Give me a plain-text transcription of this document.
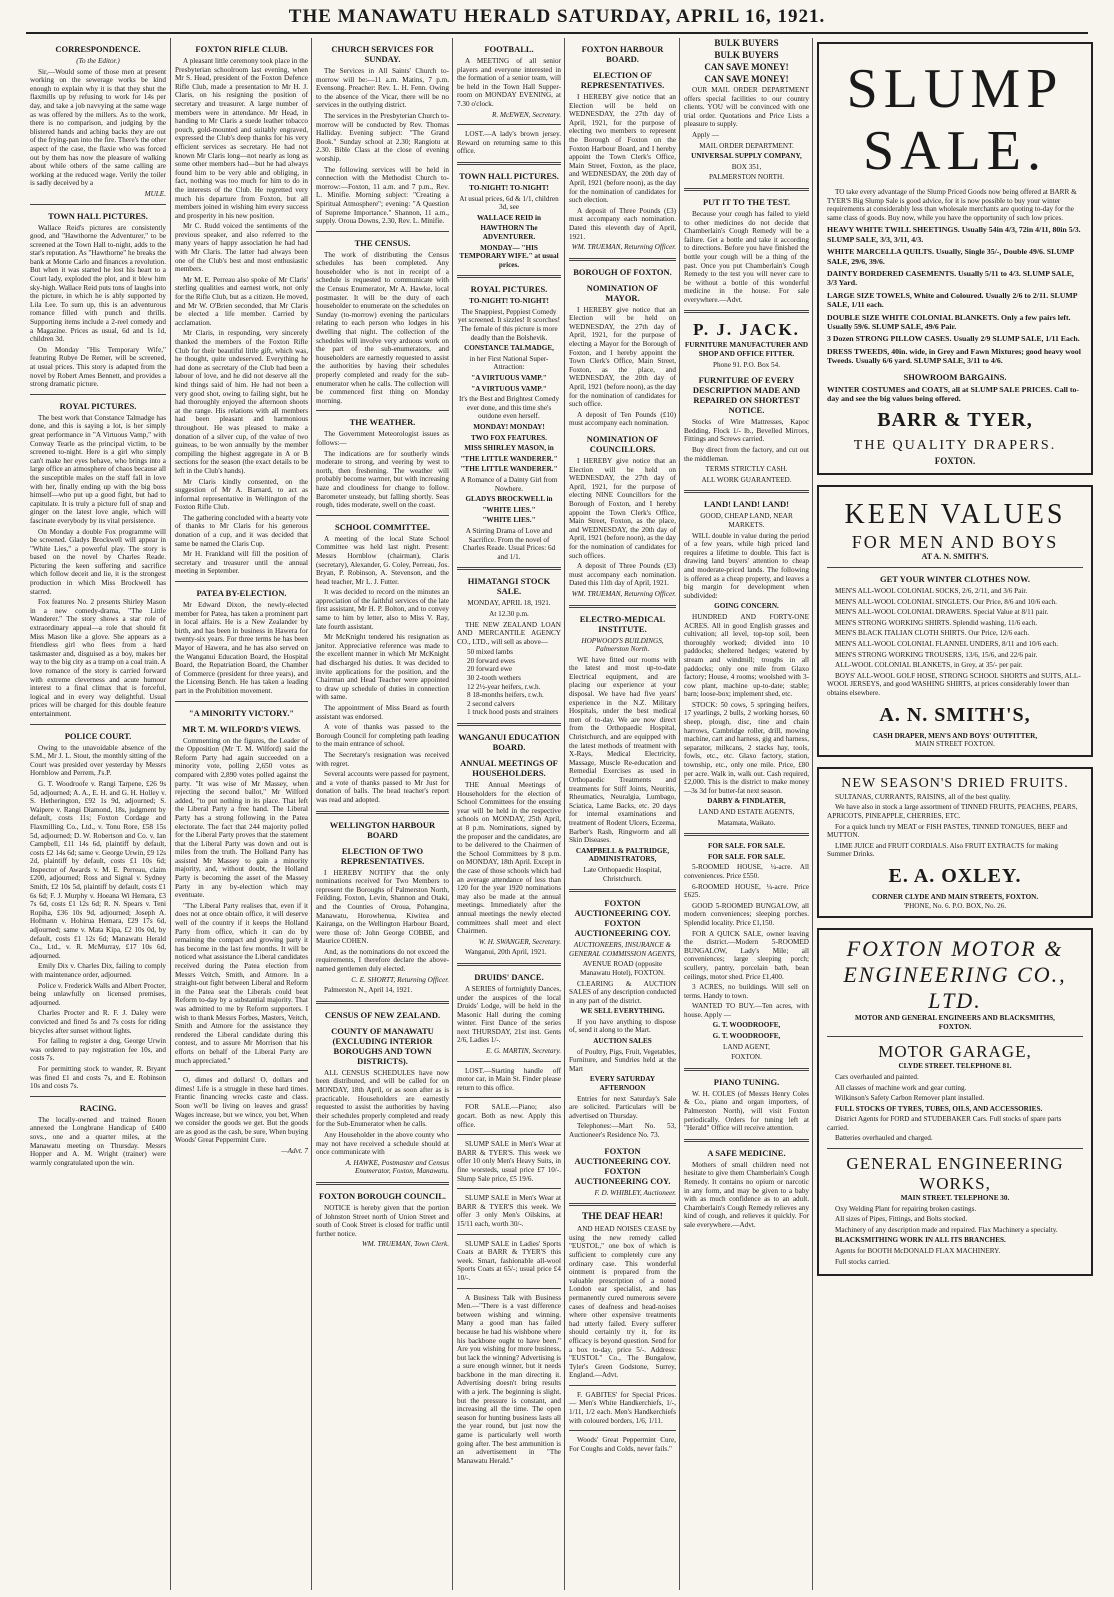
THE MANAWATU HERALD SATURDAY, APRIL 16, 1921.
CORRESPONDENCE.
(To the Editor.)

Sir,—Would some of those men at present working on the sewerage works be kind enough to explain why it is that they shut the flaxmills up by refusing to work for 14s per day, and take a job navvying at the same wage as was offered by the millers. As to the work, there is no comparison, and judging by the blistered hands and aching backs they are out of the frying-pan into the fire. There's the other aspect of the case, the flaxie who was forced out by them has now the pleasure of walking about while others of the same calling are working at the reduced wage. Verily the toiler is sadly deceived by a

MULE.

TOWN HALL PICTURES.

Wallace Reid's pictures are consistently good, and "Hawthorne the Adventurer," to be screened at the Town Hall to-night, adds to the star's reputation. As "Hawthorne" he breaks the bank at Monte Carlo and finances a revolution. But when it was started he lost his heart to a Court lady, exploded the plot, and it blew him sky-high. Wallace Reid puts tons of laughs into the picture, in which he is ably supported by Lila Lee. To sum up, this is an adventurous romance filled with punch and thrills. Supporting items include a 2-reel comedy and a Magazine. Prices as usual, 6d and 1s 1d, children 3d.

On Monday "His Temporary Wife," featuring Rubye De Remer, will be screened, at usual prices. This story is adapted from the novel by Robert Ames Bennett, and provides a strong dramatic picture.

ROYAL PICTURES.

The best work that Constance Talmadge has done, and this is saying a lot, is her simply great performance in "A Virtuous Vamp," with Conway Tearle as the principal victim, to be screened to-night. Here is a girl who simply can't make her eyes behave, who brings into a large office an atmosphere of chaos because all the susceptible males on the staff fall in love with her, finally ending up with the big boss himself—who put up a good fight, but had to capitulate. It is truly a picture full of snap and ginger on the latest love angle, which will fascinate everybody by its vital persistence.

On Monday a double Fox programme will be screened. Gladys Brockwell will appear in "White Lies," a powerful play. The story is based on the novel by Charles Reade. Picturing the keen suffering and sacrifice which follow deceit and lie, it is the strongest production in which Miss Brockwell has starred.

Fox features No. 2 presents Shirley Mason in a new comedy-drama, "The Little Wanderer." The story shows a star role of extraordinary appeal—a role that should fit Miss Mason like a glove. She appears as a friendless girl who flees from a hard taskmaster and, disguised as a boy, makes her way to the big city as a tramp on a coal train. A love romance of the story is carried forward with extreme cleverness and acute humour interest to a final climax that is forceful, logical and in every way delightful. Usual prices will be charged for this double feature entertainment.

POLICE COURT.

Owing to the unavoidable absence of the S.M., Mr J. L. Stout, the monthly sitting of the Court was presided over yesterday by Messrs Hornblow and Perrem, J's.P.

G. T. Woodroofe v. Rangi Tarpene, £26 9s 5d, adjourned; A. A., E. H. and G. H. Holley v. S. Hetherington, £92 1s 9d, adjourned; S. Waipere v. Rangi Diamond, 18s, judgment by default, costs 11s; Foxton Cordage and Flaxmilling Co., Ltd., v. Tonu Rore, £58 15s 5d, adjourned; D. W. Robertson and Co. v. Ian Campbell, £11 14s 6d, plaintiff by default, costs £2 14s 6d; same v. George Urwin, £9 12s 2d, plaintiff by default, costs £1 10s 6d; Inspector of Awards v. M. E. Perreau, claim £200, adjourned; Ross and Signal v. Sydney Smith, £2 10s 5d, plaintiff by default, costs £1 6s 6d; F. J. Murphy v. Hoeana Wi Hemara, £3 7s 6d, costs £1 12s 6d; R. N. Spears v. Teni Ropiha, £36 10s 9d, adjourned; Joseph A. Hofmann v. Hohirua Hemara, £29 17s 6d, adjourned; same v. Mata Kipa, £2 10s 0d, by default, costs £1 12s 6d; Manawatu Herald Co., Ltd., v. R. McMurray, £17 10s 6d, adjourned.

Emily Dix v. Charles Dix, failing to comply with maintenance order, adjourned.

Police v. Frederick Walls and Albert Procter, being unlawfully on licensed premises, adjourned.

Charles Procter and R. F. J. Daley were convicted and fined 5s and 7s costs for riding bicycles after sunset without lights.

For failing to register a dog, George Urwin was ordered to pay registration fee 10s, and costs 7s.

For permitting stock to wander, R. Bryant was fined £1 and costs 7s, and E. Robinson 10s and costs 7s.

RACING.

The locally-owned and trained Rouen annexed the Longbrane Handicap of £400 sovs., one and a quarter miles, at the Manawatu meeting on Thursday. Messrs Hopper and A. M. Wright (trainer) were warmly congratulated upon the win.

FOXTON RIFLE CLUB.

A pleasant little ceremony took place in the Presbyterian schoolroom last evening, when Mr S. Head, president of the Foxton Defence Rifle Club, made a presentation to Mr H. J. Claris, on his resigning the position of secretary and treasurer. A large number of members were in attendance. Mr Head, in handing to Mr Claris a suede leather tobacco pouch, gold-mounted and suitably engraved, expressed the Club's deep thanks for his very efficient services as secretary. He had not known Mr Claris long—not nearly as long as some other members had—but he had always found him to be very able and obliging, in fact, nothing was too much for him to do in the interests of the Club. He regretted very much his departure from Foxton, but all members joined in wishing him every success and prosperity in his new position.

Mr C. Rudd voiced the sentiments of the previous speaker, and also referred to the many years of happy association he had had with Mr Claris. The latter had always been one of the Club's best and most enthusiastic members.

Mr M. E. Perreau also spoke of Mr Claris' sterling qualities and earnest work, not only for the Rifle Club, but as a citizen. He moved, and Mr W. O'Brien seconded, that Mr Claris be elected a life member. Carried by acclamation.

Mr Claris, in responding, very sincerely thanked the members of the Foxton Rifle Club for their beautiful little gift, which was, he thought, quite undeserved. Everything he had done as secretary of the Club had been a labour of love, and he did not deserve all the kind things said of him. He had not been a very good shot, owing to failing sight, but he had thoroughly enjoyed the afternoon shoots at the range. His relations with all members had been pleasant and harmonious throughout. He was pleased to make a donation of a silver cup, of the value of two guineas, to be won annually by the member compiling the highest aggregate in A or B sections for the season (the exact details to be left in the Club's hands).

Mr Claris kindly consented, on the suggestion of Mr A. Barnard, to act as informal representative in Wellington of the Foxton Rifle Club.

The gathering concluded with a hearty vote of thanks to Mr Claris for his generous donation of a cup, and it was decided that same be named the Claris Cup.

Mr H. Frankland will fill the position of secretary and treasurer until the annual meeting in September.

PATEA BY-ELECTION.

Mr Edward Dixon, the newly-elected member for Patea, has taken a prominent part in local affairs. He is a New Zealander by birth, and has been in business in Hawera for twenty-six years. For three terms he has been Mayor of Hawera, and he has also served on the Wanganui Education Board, the Hospital Board, the Repatriation Board, the Chamber of Commerce (president for three years), and the Licensing Bench. He has taken a leading part in the Prohibition movement.

"A MINORITY VICTORY."
MR T. M. WILFORD'S VIEWS.

Commenting on the figures, the Leader of the Opposition (Mr T. M. Wilford) said the Reform Party had again succeeded on a minority vote, polling 2,650 votes as compared with 2,890 votes polled against the party. "It was wise of Mr Massey, when rejecting the second ballot," Mr Wilford added, "to put nothing in its place. That left the Liberal Party a free hand. The Liberal Party has a strong following in the Patea electorate. The fact that 244 majority polled for the Liberal Party proves that the statement that the Liberal Party was down and out is miles from the truth. The Holland Party has assisted Mr Massey to gain a minority majority, and, without doubt, the Holland Party is becoming the asset of the Massey Party in any by-election which may eventuate.

"The Liberal Party realises that, even if it does not at once obtain office, it will deserve well of the country if it keeps the Holland Party from office, which it can do by remaining the compact and growing party it has become in the last few months. It will be noticed what assistance the Liberal candidates received during the Patea election from Messrs Veitch, Smith, and Atmore. In a straight-out fight between Liberal and Reform in the Patea seat the Liberals could beat Reform to-day by a substantial majority. That was admitted to me by Reform supporters. I wish to thank Messrs Forbes, Masters, Veitch, Smith and Atmore for the assistance they rendered the Liberal candidate during this contest, and to assure Mr Morrison that his efforts on behalf of the Liberal Party are much appreciated."

O, dimes and dollars! O, dollars and dimes! Life is a struggle in these hard times. Frantic financing wrecks caste and class. Soon we'll be living on leaves and grass! Wages increase, but we wince, you bet, When we consider the goods we get. But the goods are as good as the cash, be sure, When buying Woods' Great Peppermint Cure.

—Advt. 7

CHURCH SERVICES FOR SUNDAY.

The Services in All Saints' Church to-morrow will be:—11 a.m. Matins, 7 p.m. Evensong. Preacher: Rev. L. H. Fenn. Owing to the absence of the Vicar, there will be no services in the outlying district.

The services in the Presbyterian Church to-morrow will be conducted by Rev. Thomas Halliday. Evening subject: "The Grand Book." Sunday school at 2.30; Rangiotu at 2.30. Bible Class at the close of evening worship.

The following services will be held in connection with the Methodist Church to-morrow:—Foxton, 11 a.m. and 7 p.m., Rev. L. Minifie. Morning subject: "Creating a Spiritual Atmosphere"; evening: "A Question of Supreme Importance." Shannon, 11 a.m., supply. Oroua Downs, 2.30, Rev. L. Minifie.

THE CENSUS.

The work of distributing the Census schedules has been completed. Any householder who is not in receipt of a schedule is requested to communicate with the Census Enumerator, Mr A. Hawke, local postmaster. It will be the duty of each householder to enumerate on the schedules on Sunday (to-morrow) evening the particulars relating to each person who lodges in his dwelling that night. The collection of the schedules will involve very arduous work on the part of the sub-enumerators, and householders are earnestly requested to assist the authorities by having their schedules properly completed and ready for the sub-enumerator when he calls. The collection will be commenced first thing on Monday morning.

THE WEATHER.

The Government Meteorologist issues as follows:—

The indications are for southerly winds moderate to strong, and veering by west to north, then freshening. The weather will probably become warmer, but with increasing haze and cloudiness for change to follow. Barometer unsteady, but falling shortly. Seas rough, tides moderate, swell on the coast.

SCHOOL COMMITTEE.

A meeting of the local State School Committee was held last night. Present: Messrs Hornblow (chairman), Claris (secretary), Alexander, G. Coley, Perreau, Jos. Bryan, P. Robinson, A. Stevenson, and the head teacher, Mr L. J. Futter.

It was decided to record on the minutes an appreciation of the faithful services of the late first assistant, Mr H. P. Bolton, and to convey same to him by letter, also to Miss V. Ray, late fourth assistant.

Mr McKnight tendered his resignation as janitor. Appreciative reference was made to the excellent manner in which Mr McKnight had discharged his duties. It was decided to invite applications for the position, and the Chairman and Head Teacher were appointed to draw up schedule of duties in connection with same.

The appointment of Miss Beard as fourth assistant was endorsed.

A vote of thanks was passed to the Borough Council for completing path leading to the main entrance of school.

The Secretary's resignation was received with regret.

Several accounts were passed for payment, and a vote of thanks passed to Mr Just for donation of balls. The head teacher's report was read and adopted.

WELLINGTON HARBOUR BOARD
ELECTION OF TWO REPRESENTATIVES.

I HEREBY NOTIFY that the only nominations received for Two Members to represent the Boroughs of Palmerston North, Feilding, Foxton, Levin, Shannon and Otaki, and the Counties of Oroua, Pohangina, Manawatu, Horowhenua, Kiwitea and Kairanga, on the Wellington Harbour Board, were those of: John George COBBE, and Maurice COHEN.

And, as the nominations do not exceed the requirements, I therefore declare the above-named gentlemen duly elected.

C. E. SHORTT, Returning Officer.

Palmerston N., April 14, 1921.

CENSUS OF NEW ZEALAND.
COUNTY OF MANAWATU (EXCLUDING INTERIOR BOROUGHS AND TOWN DISTRICTS).

ALL CENSUS SCHEDULES have now been distributed, and will be called for on MONDAY, 18th April, or as soon after as is practicable. Householders are earnestly requested to assist the authorities by having their schedules properly completed and ready for the Sub-Enumerator when he calls.

Any Householder in the above county who may not have received a schedule should at once communicate with

A. HAWKE, Postmaster and Census Enumerator, Foxton, Manawatu.

FOXTON BOROUGH COUNCIL.

NOTICE is hereby given that the portion of Johnston Street north of Union Street and south of Cook Street is closed for traffic until further notice.

WM. TRUEMAN, Town Clerk.

FOOTBALL.

A MEETING of all senior players and everyone interested in the formation of a senior team, will be held in the Town Hall Supper-room on MONDAY EVENING, at 7.30 o'clock.

R. McEWEN, Secretary.

LOST.—A lady's brown jersey. Reward on returning same to this office.

TOWN HALL PICTURES.

TO-NIGHT! TO-NIGHT!

At usual prices, 6d & 1/1, children 3d, see

WALLACE REID in

HAWTHORN The ADVENTURER.

MONDAY— "HIS TEMPORARY WIFE." at usual prices.

ROYAL PICTURES.

TO-NIGHT! TO-NIGHT!

The Snappiest, Peppiest Comedy yet screened. It sizzles! It scorches! The female of this picture is more deadly than the Bolshevik.

CONSTANCE TALMADGE,

in her First National Super-Attraction:

"A VIRTUOUS VAMP."

"A VIRTUOUS VAMP."

It's the Best and Brightest Comedy ever done, and this time she's outdone even herself.

MONDAY! MONDAY!

TWO FOX FEATURES.

MISS SHIRLEY MASON, in

"THE LITTLE WANDERER."

"THE LITTLE WANDERER."

A Romance of a Dainty Girl from Nowhere.

GLADYS BROCKWELL in

"WHITE LIES."

"WHITE LIES."

A Stirring Drama of Love and Sacrifice. From the novel of Charles Reade. Usual Prices: 6d and 1/1.

HIMATANGI STOCK SALE.

MONDAY, APRIL 18, 1921.

At 12.30 p.m.

THE NEW ZEALAND LOAN AND MERCANTILE AGENCY CO., LTD., will sell as above—

50 mixed lambs
20 forward ewes
20 forward ewe
30 2-tooth wethers
12 2½-year heifers, r.w.h.
8 18-months heifers, r.w.h.
2 second calvers
1 truck hood posts and strainers

WANGANUI EDUCATION BOARD.
ANNUAL MEETINGS OF HOUSEHOLDERS.

THE Annual Meetings of Householders for the election of School Committees for the ensuing year will be held in the respective schools on MONDAY, 25th April, at 8 p.m. Nominations, signed by the proposer and the candidates, are to be delivered to the Chairmen of the School Committees by 8 p.m. on MONDAY, 18th April. Except in the case of those schools which had an average attendance of less than 120 for the year 1920 nominations may also be made at the annual meetings. Immediately after the annual meetings the newly elected committees shall meet and elect Chairmen.

W. H. SWANGER, Secretary.

Wanganui, 20th April, 1921.

DRUIDS' DANCE.

A SERIES of fortnightly Dances, under the auspices of the local Druids' Lodge, will be held in the Masonic Hall during the coming winter. First Dance of the series next THURSDAY, 21st inst. Gents 2/6, Ladies 1/-.

E. G. MARTIN, Secretary.

LOST.—Starting handle off motor car, in Main St. Finder please return to this office.

FOR SALE.—Piano; also gocart. Both as new. Apply this office.

SLUMP SALE in Men's Wear at BARR & TYER'S. This week we offer 10 only Men's Heavy Suits, in fine worsteds, usual price £7 10/-. Slump Sale price, £5 19/6.

SLUMP SALE in Men's Wear at BARR & TYER'S this week. We offer 3 only Men's Oilskins, at 15/11 each, worth 30/-.

SLUMP SALE in Ladies' Sports Coats at BARR & TYER'S this week. Smart, fashionable all-wool Sports Coats at 65/-; usual price £4 10/-.

A Business Talk with Business Men.—"There is a vast difference between wishing and winning. Many a good man has failed because he had his wishbone where his backbone ought to have been." Are you wishing for more business, but lack the winning? Advertising is a sure enough winner, but it needs backbone in the man directing it. Advertising doesn't bring results with a jerk. The beginning is slight, but the pressure is constant, and increasing all the time. The open season for hunting business lasts all the year round, but just now the game is particularly well worth going after. The best ammunition is an advertisement in "The Manawatu Herald."

FOXTON HARBOUR BOARD.
ELECTION OF REPRESENTATIVES.

I HEREBY give notice that an Election will be held on WEDNESDAY, the 27th day of April, 1921, for the purpose of electing two members to represent the Borough of Foxton on the Foxton Harbour Board, and I hereby appoint the Town Clerk's Office, Main Street, Foxton, as the place, and WEDNESDAY, the 20th day of April, 1921 (before noon), as the day for the nomination of candidates for such election.

A deposit of Three Pounds (£3) must accompany each nomination. Dated this eleventh day of April, 1921.

WM. TRUEMAN, Returning Officer.

BOROUGH OF FOXTON.
NOMINATION OF MAYOR.

I HEREBY give notice that an Election will be held on WEDNESDAY, the 27th day of April, 1921, for the purpose of electing a Mayor for the Borough of Foxton, and I hereby appoint the Town Clerk's Office, Main Street, Foxton, as the place, and WEDNESDAY, the 20th day of April, 1921 (before noon), as the day for the nomination of candidates for such office.

A deposit of Ten Pounds (£10) must accompany each nomination.

NOMINATION OF COUNCILLORS.

I HEREBY give notice that an Election will be held on WEDNESDAY, the 27th day of April, 1921, for the purpose of electing NINE Councillors for the Borough of Foxton, and I hereby appoint the Town Clerk's Office, Main Street, Foxton, as the place, and WEDNESDAY, the 20th day of April, 1921 (before noon), as the day for the nomination of candidates for such offices.

A deposit of Three Pounds (£3) must accompany each nomination. Dated this 11th day of April, 1921.

WM. TRUEMAN, Returning Officer.

ELECTRO-MEDICAL INSTITUTE.
HOPWOOD'S BUILDINGS, Palmerston North.

WE have fitted our rooms with the latest and most up-to-date Electrical equipment, and are placing our experience at your disposal. We have had five years' experience in the N.Z. Military Hospitals, under the best medical men of to-day. We are now direct from the Orthopaedic Hospital, Christchurch, and are equipped with the latest methods of treatment with X-Rays, Medical Electricity, Massage, Muscle Re-education and Remedial Exercises as used in Orthopaedic Treatments and treatments for Stiff Joints, Neuritis, Rheumatics, Neuralgia, Lumbago, Sciatica, Lame Backs, etc. 20 days for internal examinations and treatment of Rodent Ulcers, Eczema, Barber's Rash, Ringworm and all Skin Diseases.

CAMPBELL & PALTRIDGE, ADMINISTRATORS,

Late Orthopaedic Hospital, Christchurch.

FOXTON AUCTIONEERING COY. FOXTON AUCTIONEERING COY.
AUCTIONEERS, INSURANCE & GENERAL COMMISSION AGENTS,

AVENUE ROAD (opposite Manawatu Hotel), FOXTON.

CLEARING & AUCTION SALES of any description conducted in any part of the district.

WE SELL EVERYTHING.

If you have anything to dispose of, send it along to the Mart.

AUCTION SALES

of Poultry, Pigs, Fruit, Vegetables, Furniture, and Sundries held at the Mart

EVERY SATURDAY AFTERNOON

Entries for next Saturday's Sale are solicited. Particulars will be advertised on Thursday.

Telephones:—Mart No. 53, Auctioneer's Residence No. 73.

FOXTON AUCTIONEERING COY. FOXTON AUCTIONEERING COY.

F. D. WHIBLEY, Auctioneer.

THE DEAF HEAR!

AND HEAD NOISES CEASE by using the new remedy called "EUSTOL," one box of which is sufficient to completely cure any ordinary case. This wonderful ointment is prepared from the valuable prescription of a noted London ear specialist, and has permanently cured numerous severe cases of deafness and head-noises where other expensive treatments had utterly failed. Every sufferer should certainly try it, for its efficacy is beyond question. Send for a box to-day, price 5/-. Address: "EUSTOL" Co., The Bungalow, Tyler's Green Godstone, Surrey, England.—Advt.

F. GABITES' for Special Prices.— Men's White Handkerchiefs, 1/-, 1/11, 1/2 each. Men's Handkerchiefs with coloured borders, 1/6, 1/11.

Woods' Great Peppermint Cure, For Coughs and Colds, never fails."

BULK BUYERS

BULK BUYERS

CAN SAVE MONEY!

CAN SAVE MONEY!

OUR MAIL ORDER DEPARTMENT offers special facilities to our country clients. YOU will be convinced with one trial order. Quotations and Price Lists a pleasure to supply.

Apply —

MAIL ORDER DEPARTMENT.

UNIVERSAL SUPPLY COMPANY,

BOX 351,

PALMERSTON NORTH.

PUT IT TO THE TEST.

Because your cough has failed to yield to other medicines do not decide that Chamberlain's Cough Remedy will be a failure. Get a bottle and take it according to directions. Before you have finished the bottle your cough will be a thing of the past. Once you put Chamberlain's Cough Remedy to the test you will never care to be without a bottle of this wonderful medicine in the house. For sale everywhere.—Advt.

P. J. JACK.

FURNITURE MANUFACTURER AND SHOP AND OFFICE FITTER.

Phone 91. P.O. Box 54.

FURNITURE OF EVERY DESCRIPTION MADE AND REPAIRED ON SHORTEST NOTICE.

Stocks of Wire Mattresses, Kapoc Bedding, Flock 1/- lb., Bevelled Mirrors, Fittings and Screws carried.

Buy direct from the factory, and cut out the middleman.

TERMS STRICTLY CASH.

ALL WORK GUARANTEED.

LAND! LAND! LAND!

GOOD, CHEAP LAND, NEAR MARKETS.

WILL double in value during the period of a few years, while high priced land requires a lifetime to double. This fact is drawing land buyers' attention to cheap and moderate-priced lands. The following is offered as a cheap property, and leaves a big margin for development when subdivided:

GOING CONCERN.

HUNDRED AND FORTY-ONE ACRES. All in good English grasses and cultivation; all level, top-top soil, been thoroughly worked; divided into 10 paddocks; sheltered hedges; watered by stream and windmill; troughs in all paddocks; only one mile from Glaxo factory; House, 4 rooms; woolshed with 3-cow plant, machine up-to-date; stable; barn; loose-box; implement shed, etc.

STOCK: 50 cows, 5 springing heifers, 17 yearlings, 2 bulls, 2 working horses, 60 sheep, plough, disc, tine and chain harrows, Cambridge roller, drill, mowing machine, cart and harness, gig and harness, separator, milkcans, 2 stacks hay, tools, fowls, etc., etc. Glaxo factory, station, township, etc., only one mile. Price, £80 per acre. Walk in, walk out. Cash required, £2,000. This is the district to make money —3s 3d for butter-fat next season.

DARBY & FINDLATER,

LAND AND ESTATE AGENTS,

Matamata, Waikato.

FOR SALE. FOR SALE.

FOR SALE. FOR SALE.

5-ROOMED HOUSE, ¼-acre. All conveniences. Price £550.

6-ROOMED HOUSE, ¼-acre. Price £625.

GOOD 5-ROOMED BUNGALOW, all modern conveniences; sleeping porches. Splendid locality. Price £1,150.

FOR A QUICK SALE, owner leaving the district.—Modern 5-ROOMED BUNGALOW, Lady's Mile; all conveniences; large sleeping porch; scullery, pantry, porcelain bath, bean ceilings, motor shed. Price £1,400.

3 ACRES, no buildings. Will sell on terms. Handy to town.

WANTED TO BUY.—Ten acres, with house. Apply —

G. T. WOODROOFE,

G. T. WOODROOFE,

LAND AGENT,

FOXTON.

PIANO TUNING.

W. H. COLES (of Messrs Henry Coles & Co., piano and organ importers, of Palmerston North), will visit Foxton periodically. Orders for tuning left at "Herald" Office will receive attention.

A SAFE MEDICINE.

Mothers of small children need not hesitate to give them Chamberlain's Cough Remedy. It contains no opium or narcotic in any form, and may be given to a baby with as much confidence as to an adult. Chamberlain's Cough Remedy relieves any kind of cough, and relieves it quickly. For sale everywhere.—Advt.

SLUMP SALE.

TO take every advantage of the Slump Priced Goods now being offered at BARR & TYER'S Big Slump Sale is good advice, for it is now possible to buy your winter requirements at considerably less than wholesale merchants are quoting to-day for the same class of goods. Buy now, while you have the opportunity of such low prices.

HEAVY WHITE TWILL SHEETINGS. Usually 54in 4/3, 72in 4/11, 80in 5/3. SLUMP SALE, 3/3, 3/11, 4/3.
WHITE MARCELLA QUILTS. Usually, Single 35/-, Double 49/6. SLUMP SALE, 29/6, 39/6.
DAINTY BORDERED CASEMENTS. Usually 5/11 to 4/3. SLUMP SALE, 3/3 Yard.
LARGE SIZE TOWELS, White and Coloured. Usually 2/6 to 2/11. SLUMP SALE, 1/11 each.
DOUBLE SIZE WHITE COLONIAL BLANKETS. Only a few pairs left. Usually 59/6. SLUMP SALE, 49/6 Pair.
3 Dozen STRONG PILLOW CASES. Usually 2/9 SLUMP SALE, 1/11 Each.
DRESS TWEEDS, 40in. wide, in Grey and Fawn Mixtures; good heavy wool Tweeds. Usually 6/6 yard. SLUMP SALE, 3/11 to 4/6.
SHOWROOM BARGAINS.
WINTER COSTUMES and COATS, all at SLUMP SALE PRICES. Call to-day and see the big values being offered.
BARR & TYER,
THE QUALITY DRAPERS.
FOXTON.
KEEN VALUES
FOR MEN AND BOYS
AT A. N. SMITH'S.
GET YOUR WINTER CLOTHES NOW.

MEN'S ALL-WOOL COLONIAL SOCKS, 2/6, 2/11, and 3/6 Pair.

MEN'S ALL-WOOL COLONIAL SINGLETS. Our Price, 8/6 and 10/6 each.

MEN'S ALL-WOOL COLONIAL DRAWERS. Special Value at 8/11 pair.

MEN'S STRONG WORKING SHIRTS. Splendid washing, 11/6 each.

MEN'S BLACK ITALIAN CLOTH SHIRTS. Our Price, 12/6 each.

MEN'S ALL-WOOL COLONIAL FLANNEL UNDERS, 8/11 and 10/6 each.

MEN'S STRONG WORKING TROUSERS, 13/6, 15/6, and 22/6 pair.

ALL-WOOL COLONIAL BLANKETS, in Grey, at 35/- per pair.

BOYS' ALL-WOOL GOLF HOSE, STRONG SCHOOL SHORTS and SUITS, ALL-WOOL JERSEYS, and good WASHING SHIRTS, at prices considerably lower than obtains elsewhere.

A. N. SMITH'S,
CASH DRAPER, MEN'S AND BOYS' OUTFITTER,
MAIN STREET FOXTON.
NEW SEASON'S DRIED FRUITS.

SULTANAS, CURRANTS, RAISINS, all of the best quality.

We have also in stock a large assortment of TINNED FRUITS, PEACHES, PEARS, APRICOTS, PINEAPPLE, CHERRIES, ETC.

For a quick lunch try MEAT or FISH PASTES, TINNED TONGUES, BEEF and MUTTON.

LIME JUICE and FRUIT CORDIALS. Also FRUIT EXTRACTS for making Summer Drinks.

E. A. OXLEY.
CORNER CLYDE AND MAIN STREETS, FOXTON.
'PHONE, No. 6. P.O. BOX, No. 26.
FOXTON MOTOR & ENGINEERING CO., LTD.
MOTOR AND GENERAL ENGINEERS AND BLACKSMITHS,
FOXTON.
MOTOR GARAGE,

CLYDE STREET. TELEPHONE 81.

Cars overhauled and painted.

All classes of machine work and gear cutting.

Wilkinson's Safety Carbon Remover plant installed.

FULL STOCKS OF TYRES, TUBES, OILS, AND ACCESSORIES.

District Agents for FORD and STUDEBAKER Cars. Full stocks of spare parts carried.

Batteries overhauled and charged.

GENERAL ENGINEERING WORKS,

MAIN STREET. TELEPHONE 30.

Oxy Welding Plant for repairing broken castings.

All sizes of Pipes, Fittings, and Bolts stocked.

Machinery of any description made and repaired. Flax Machinery a specialty.

BLACKSMITHING WORK IN ALL ITS BRANCHES.

Agents for BOOTH McDONALD FLAX MACHINERY.

Full stocks carried.
